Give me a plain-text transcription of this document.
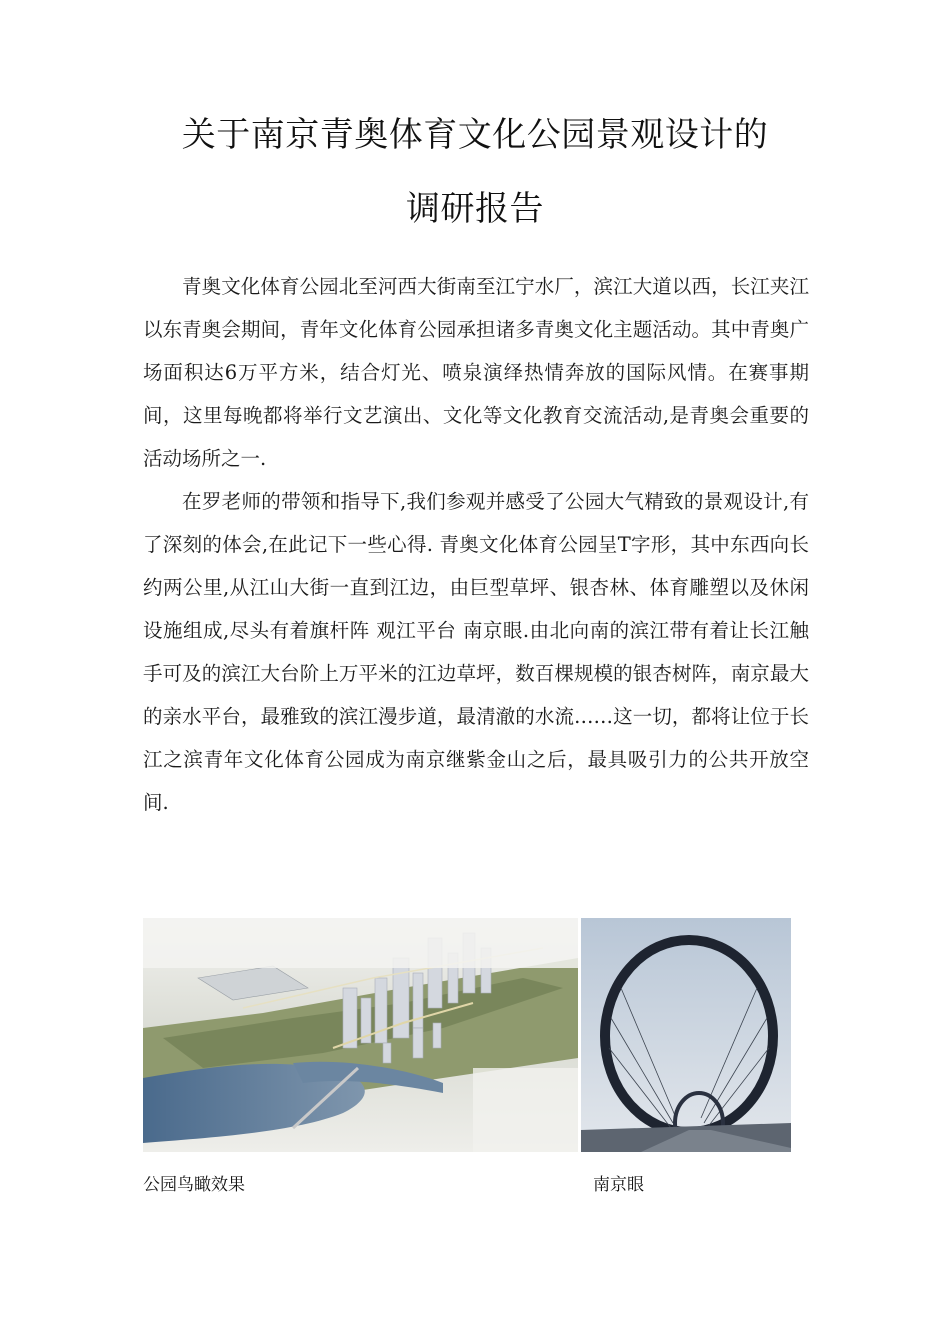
关于南京青奥体育文化公园景观设计的
调研报告

青奥文化体育公园北至河西大街南至江宁水厂，滨江大道以西，长江夹江以东青奥会期间，青年文化体育公园承担诸多青奥文化主题活动。其中青奥广场面积达6万平方米，结合灯光、喷泉演绎热情奔放的国际风情。在赛事期间，这里每晚都将举行文艺演出、文化等文化教育交流活动,是青奥会重要的活动场所之一.

在罗老师的带领和指导下,我们参观并感受了公园大气精致的景观设计,有了深刻的体会,在此记下一些心得. 青奥文化体育公园呈T字形，其中东西向长约两公里,从江山大街一直到江边，由巨型草坪、银杏林、体育雕塑以及休闲设施组成,尽头有着旗杆阵 观江平台 南京眼.由北向南的滨江带有着让长江触手可及的滨江大台阶上万平米的江边草坪，数百棵规模的银杏树阵，南京最大的亲水平台，最雅致的滨江漫步道，最清澈的水流……这一切，都将让位于长江之滨青年文化体育公园成为南京继紫金山之后，最具吸引力的公共开放空间.

公园鸟瞰效果	南京眼
